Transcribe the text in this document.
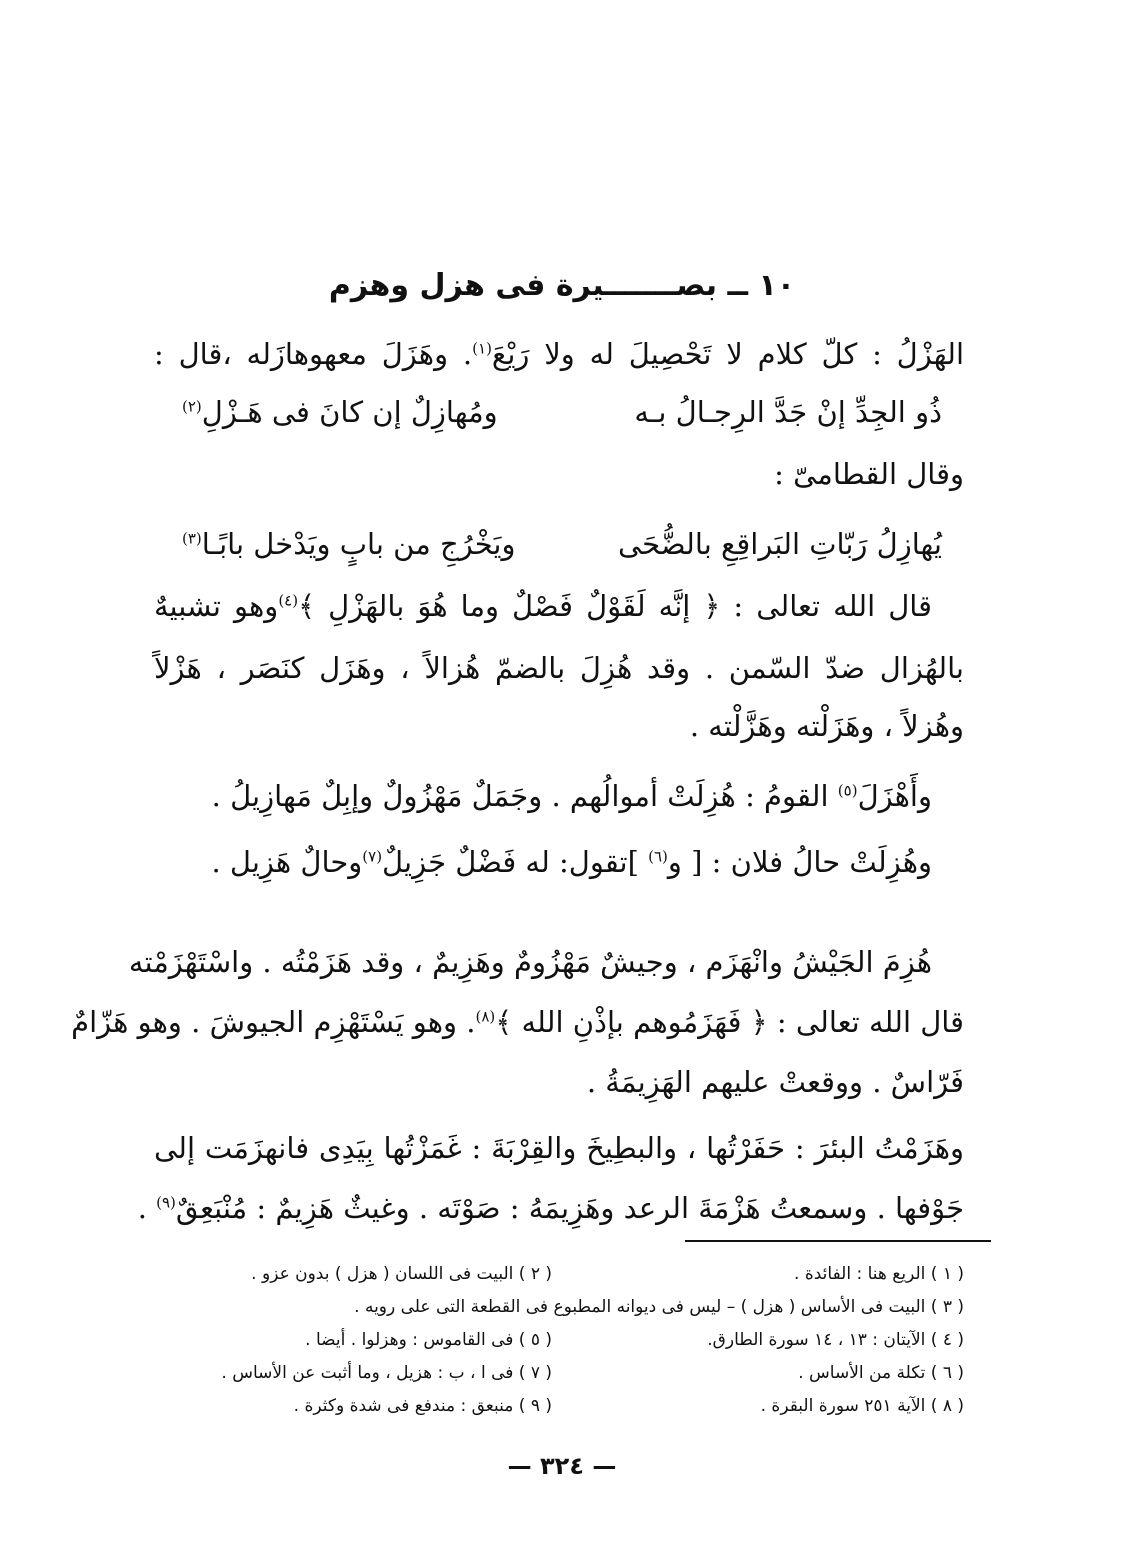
١٠ ــ بصـــــــيرة فى هزل وهزم
الهَزْلُ : كلّ كلام لا تَحْصِيلَ له ولا رَيْعَ$^{(١)}$. وهَزَلَ معهوهازَله ،قال :
ذُو الجِدِّ إنْ جَدَّ الرِجـالُ بـه
ومُهازِلٌ إن كانَ فى هَـزْلِ$^{(٢)}$
وقال القطامىّ :
يُهازِلُ رَبّاتِ البَراقِعِ بالضُّحَى
ويَخْرُجِ من بابٍ ويَدْخل بابًـا$^{(٣)}$
قال الله تعالى : ﴿ إنَّه لَقَوْلٌ فَصْلٌ وما هُوَ بالهَزْلِ ﴾$^{(٤)}$وهو تشبيهٌ
بالهُزال ضدّ السّمن . وقد هُزِلَ بالضمّ هُزالاً ، وهَزَل كنَصَر ، هَزْلاً
وهُزلاً ، وهَزَلْته وهَزَّلْته .
وأَهْزَلَ$^{(٥)}$ القومُ : هُزِلَتْ أموالُهم . وجَمَلٌ مَهْزُولٌ وإبِلٌ مَهازِيلُ .
وهُزِلَتْ حالُ فلان : [ و$^{(٦)}$ ]تقول: له فَضْلٌ جَزِيلٌ$^{(٧)}$وحالٌ هَزِيل .
هُزِمَ الجَيْشُ وانْهَزَم ، وجيشٌ مَهْزُومٌ وهَزِيمٌ ، وقد هَزَمْتُه . واسْتَهْزَمْته
قال الله تعالى : ﴿ فَهَزَمُوهم بإذْنِ الله ﴾$^{(٨)}$. وهو يَسْتَهْزِم الجيوشَ . وهو هَزّامٌ
فَرّاسٌ . ووقعتْ عليهم الهَزِيمَةُ .
وهَزَمْتُ البئرَ : حَفَرْتُها ، والبطِيخَ والقِرْبَةَ : غَمَزْتُها بِيَدِى فانهزَمَت إلى
جَوْفها . وسمعتُ هَزْمَةَ الرعد وهَزِيمَهُ : صَوْتَه . وغيثٌ هَزِيمٌ : مُنْبَعِقٌ$^{(٩)}$ .
( ١ ) الريع هنا : الفائدة .
( ٢ ) البيت فى اللسان ( هزل ) بدون عزو .
( ٣ ) البيت فى الأساس ( هزل ) – ليس فى ديوانه المطبوع فى القطعة التى على رويه .
( ٤ ) الآيتان : ١٣ ، ١٤ سورة الطارق.
( ٥ ) فى القاموس : وهزلوا . أيضا .
( ٦ ) تكلة من الأساس .
( ٧ ) فى ا ، ب : هزيل ، وما أثبت عن الأساس .
( ٨ ) الآية ٢٥١ سورة البقرة .
( ٩ ) منبعق : مندفع فى شدة وكثرة .
— ٣٢٤ —
